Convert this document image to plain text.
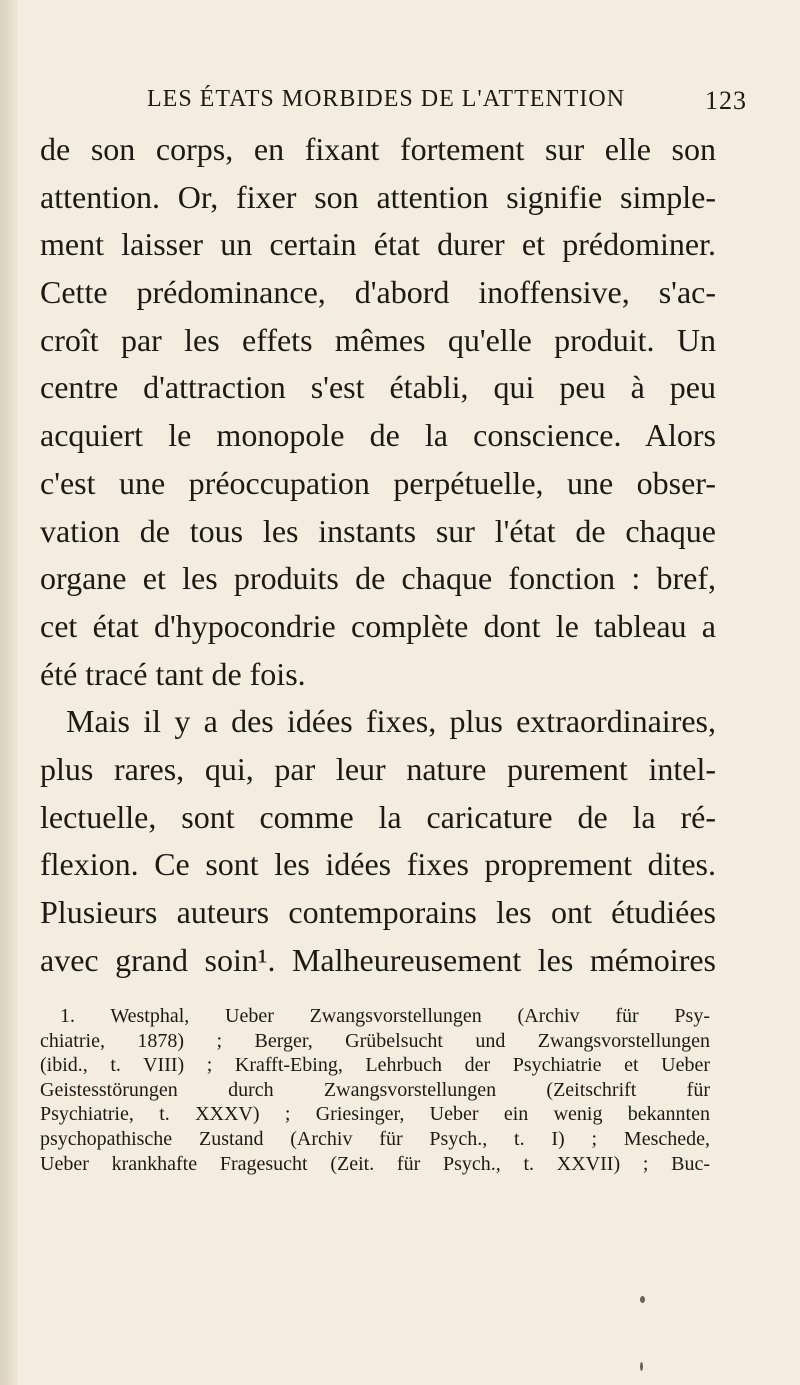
LES ÉTATS MORBIDES DE L'ATTENTION	123
de son corps, en fixant fortement sur elle son
attention. Or, fixer son attention signifie simple-
ment laisser un certain état durer et prédominer.
Cette prédominance, d'abord inoffensive, s'ac-
croît par les effets mêmes qu'elle produit. Un
centre d'attraction s'est établi, qui peu à peu
acquiert le monopole de la conscience. Alors
c'est une préoccupation perpétuelle, une obser-
vation de tous les instants sur l'état de chaque
organe et les produits de chaque fonction : bref,
cet état d'hypocondrie complète dont le tableau a
été tracé tant de fois.
Mais il y a des idées fixes, plus extraordinaires,
plus rares, qui, par leur nature purement intel-
lectuelle, sont comme la caricature de la ré-
flexion. Ce sont les idées fixes proprement dites.
Plusieurs auteurs contemporains les ont étudiées
avec grand soin¹. Malheureusement les mémoires
1. Westphal, Ueber Zwangsvorstellungen (Archiv für Psy-
chiatrie, 1878) ; Berger, Grübelsucht und Zwangsvorstellungen
(ibid., t. VIII) ; Krafft-Ebing, Lehrbuch der Psychiatrie et Ueber
Geistesstörungen durch Zwangsvorstellungen (Zeitschrift für
Psychiatrie, t. XXXV) ; Griesinger, Ueber ein wenig bekannten
psychopathische Zustand (Archiv für Psych., t. I) ; Meschede,
Ueber krankhafte Fragesucht (Zeit. für Psych., t. XXVII) ; Buc-
